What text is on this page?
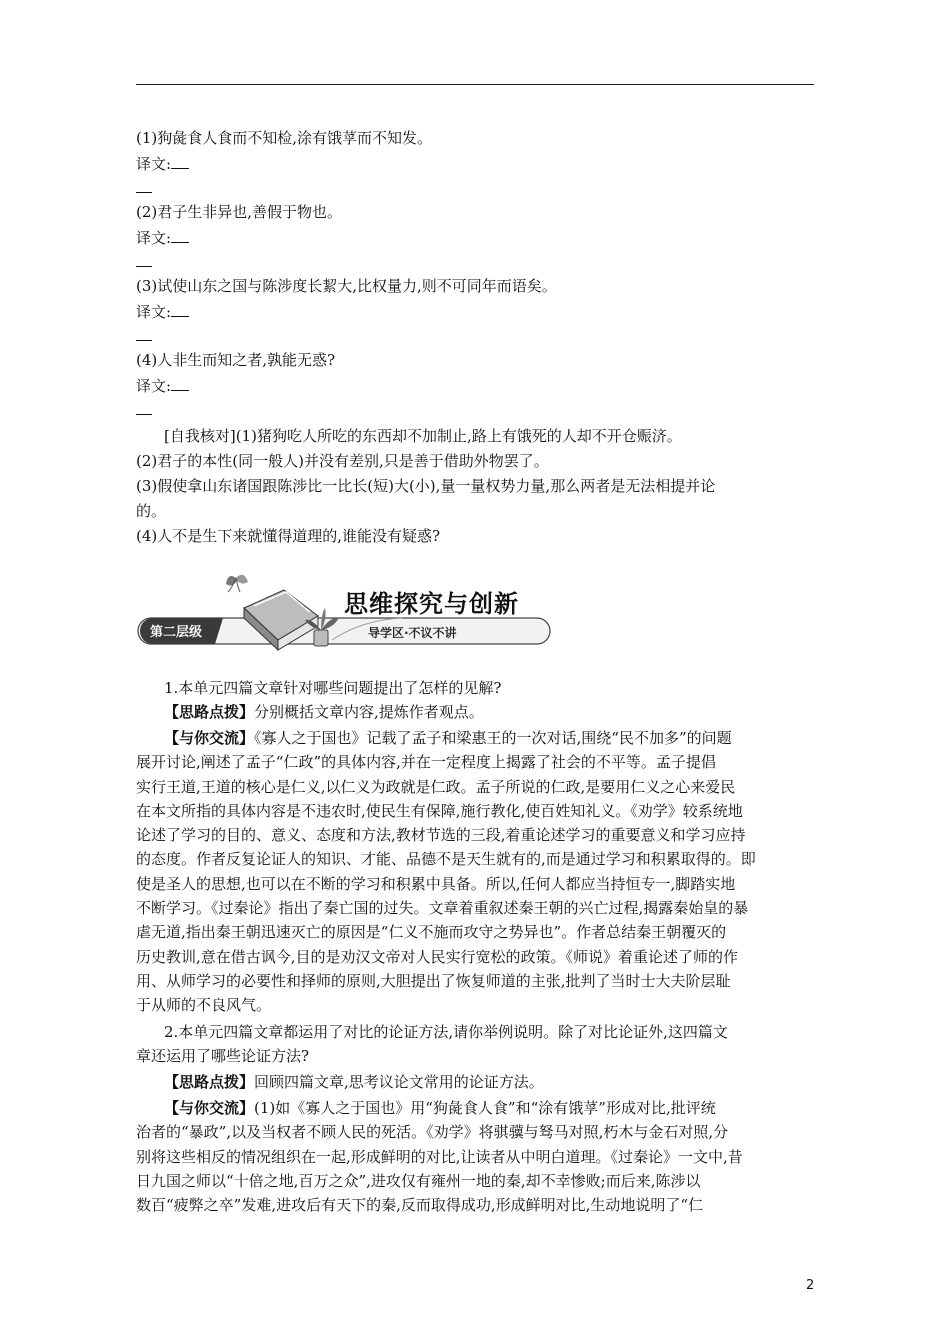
(1)狗彘食人食而不知检,涂有饿莩而不知发。
译文:
(2)君子生非异也,善假于物也。
译文:
(3)试使山东之国与陈涉度长絜大,比权量力,则不可同年而语矣。
译文:
(4)人非生而知之者,孰能无惑?
译文:
[自我核对](1)猪狗吃人所吃的东西却不加制止,路上有饿死的人却不开仓赈济。
(2)君子的本性(同一般人)并没有差别,只是善于借助外物罢了。
(3)假使拿山东诸国跟陈涉比一比长(短)大(小),量一量权势力量,那么两者是无法相提并论
的。
(4)人不是生下来就懂得道理的,谁能没有疑惑?
第二层级
思维探究与创新
导学区·不议不讲
1.本单元四篇文章针对哪些问题提出了怎样的见解?
【思路点拨】分别概括文章内容,提炼作者观点。
【与你交流】《寡人之于国也》记载了孟子和梁惠王的一次对话,围绕“民不加多”的问题
展开讨论,阐述了孟子“仁政”的具体内容,并在一定程度上揭露了社会的不平等。孟子提倡
实行王道,王道的核心是仁义,以仁义为政就是仁政。孟子所说的仁政,是要用仁义之心来爱民
在本文所指的具体内容是不违农时,使民生有保障,施行教化,使百姓知礼义。《劝学》较系统地
论述了学习的目的、意义、态度和方法,教材节选的三段,着重论述学习的重要意义和学习应持
的态度。作者反复论证人的知识、才能、品德不是天生就有的,而是通过学习和积累取得的。即
使是圣人的思想,也可以在不断的学习和积累中具备。所以,任何人都应当持恒专一,脚踏实地
不断学习。《过秦论》指出了秦亡国的过失。文章着重叙述秦王朝的兴亡过程,揭露秦始皇的暴
虐无道,指出秦王朝迅速灭亡的原因是“仁义不施而攻守之势异也”。作者总结秦王朝覆灭的
历史教训,意在借古讽今,目的是劝汉文帝对人民实行宽松的政策。《师说》着重论述了师的作
用、从师学习的必要性和择师的原则,大胆提出了恢复师道的主张,批判了当时士大夫阶层耻
于从师的不良风气。
2.本单元四篇文章都运用了对比的论证方法,请你举例说明。除了对比论证外,这四篇文
章还运用了哪些论证方法?
【思路点拨】回顾四篇文章,思考议论文常用的论证方法。
【与你交流】(1)如《寡人之于国也》用“狗彘食人食”和“涂有饿莩”形成对比,批评统
治者的“暴政”,以及当权者不顾人民的死活。《劝学》将骐骥与驽马对照,朽木与金石对照,分
别将这些相反的情况组织在一起,形成鲜明的对比,让读者从中明白道理。《过秦论》一文中,昔
日九国之师以“十倍之地,百万之众”,进攻仅有雍州一地的秦,却不幸惨败;而后来,陈涉以
数百“疲弊之卒”发难,进攻后有天下的秦,反而取得成功,形成鲜明对比,生动地说明了“仁
2
